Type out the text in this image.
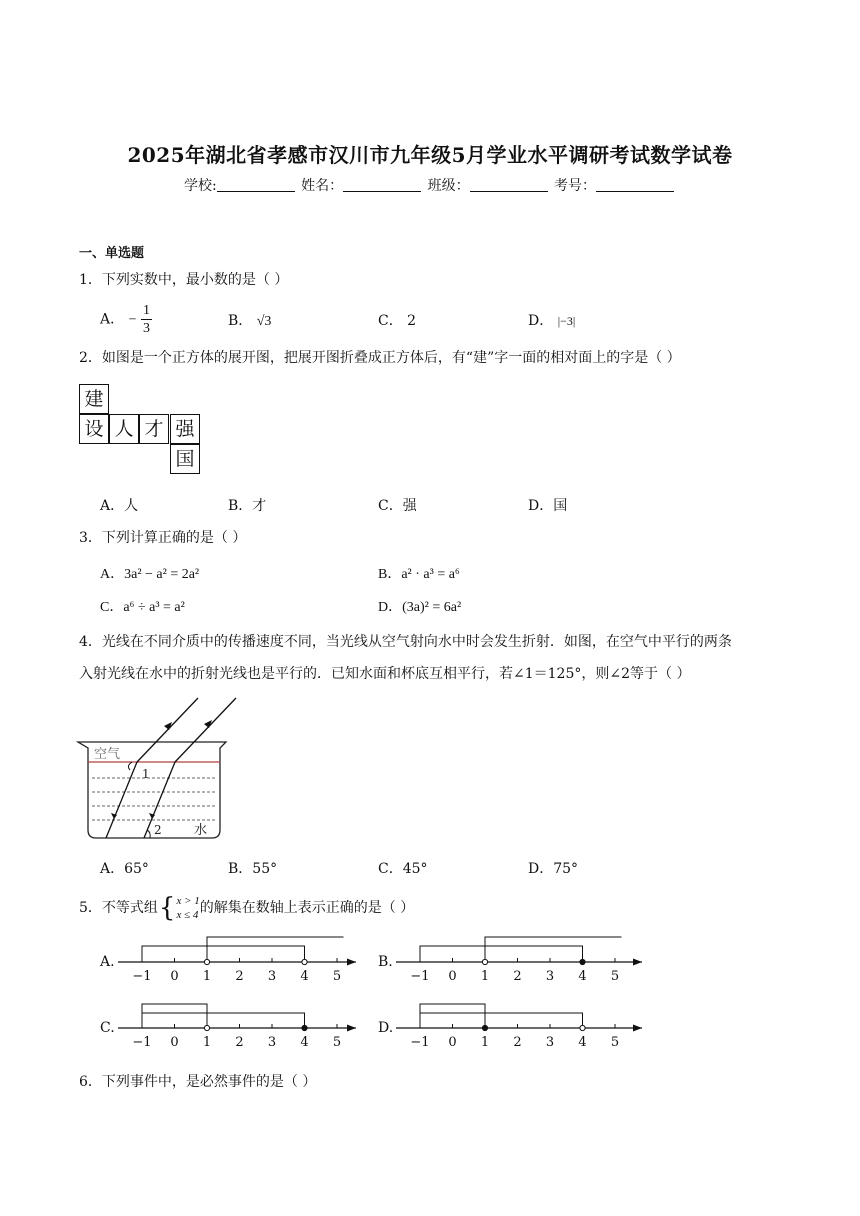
2025年湖北省孝感市汉川市九年级5月学业水平调研考试数学试卷
学校:	姓名：	班级：	考号：
一、单选题
1．下列实数中，最小数的是（ ）
A． − $\frac{1}{3}$	B． √3	C． 2	D． |−3|
2．如图是一个正方体的展开图，把展开图折叠成正方体后，有“建”字一面的相对面上的字是（ ）
建
设 人 才 强
国
A．人	B．才	C．强	D．国
3．下列计算正确的是（ ）
A．3a² − a² = 2a²	B．a² · a³ = a⁶
C．a⁶ ÷ a³ = a²	D．(3a)² = 6a²
4．光线在不同介质中的传播速度不同，当光线从空气射向水中时会发生折射．如图，在空气中平行的两条
入射光线在水中的折射光线也是平行的．已知水面和杯底互相平行，若∠1＝125°，则∠2等于（ ）
空气
水
1
2
A．65°	B．55°	C．45°	D．75°
5．不等式组 { x > 1
x ≤ 4 的解集在数轴上表示正确的是（ ）
A.	B.
C.	D.
−1 0 1 2 3 4 5	−1 0 1 2 3 4 5
−1 0 1 2 3 4 5	−1 0 1 2 3 4 5
6．下列事件中，是必然事件的是（ ）
